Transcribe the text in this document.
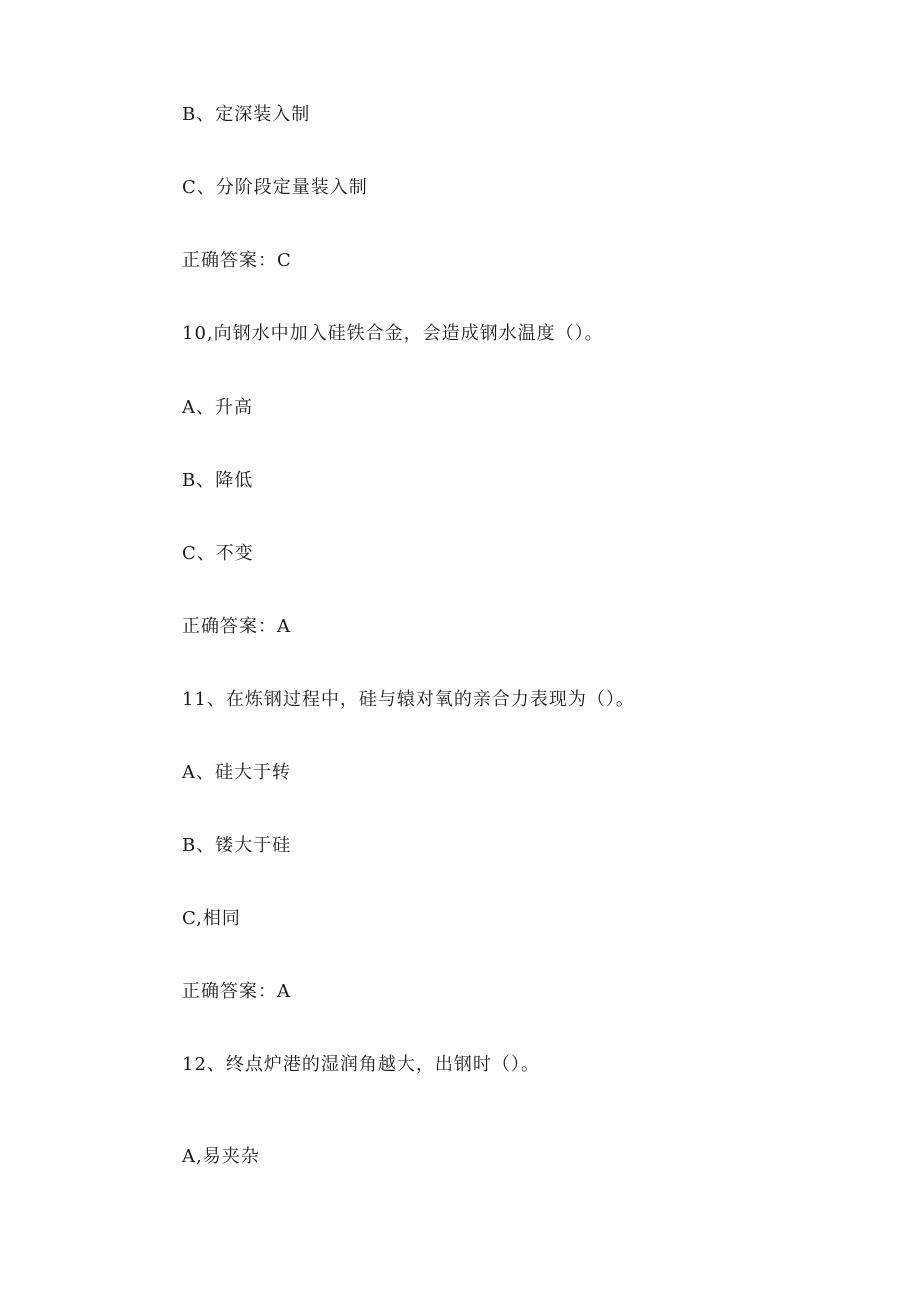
B、定深装入制
C、分阶段定量装入制
正确答案：C
10,向钢水中加入硅铁合金，会造成钢水温度（）。
A、升高
B、降低
C、不变
正确答案：A
11、在炼钢过程中，硅与辕对氧的亲合力表现为（）。
A、硅大于转
B、镂大于硅
C,相同
正确答案：A
12、终点炉港的湿润角越大，出钢时（）。
A,易夹杂
